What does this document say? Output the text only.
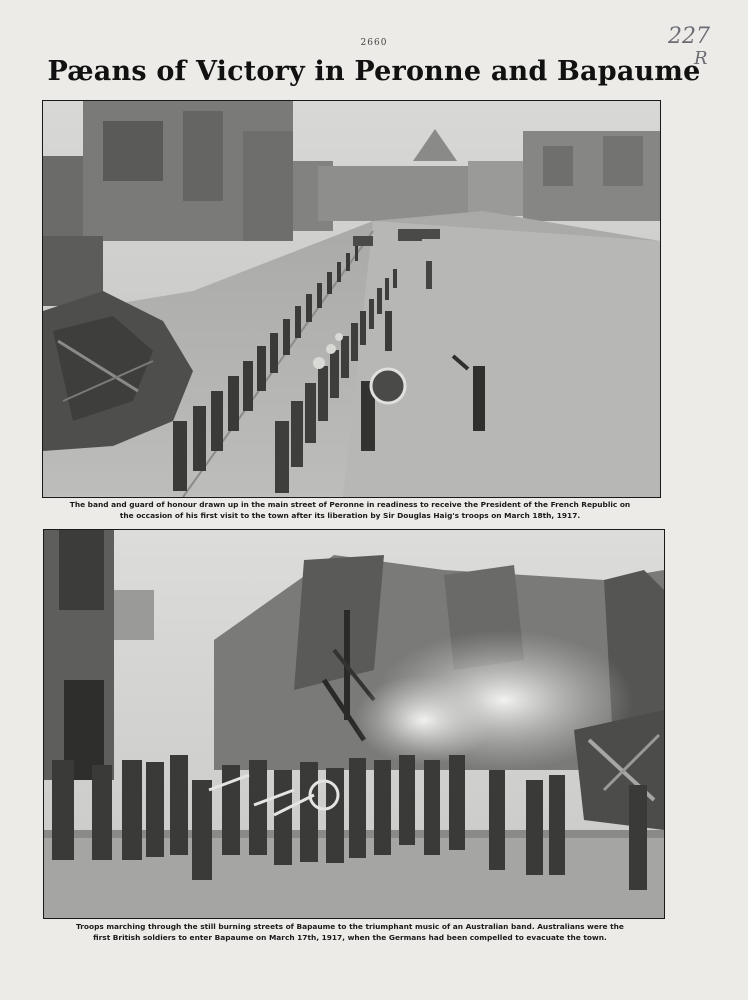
2660	227
R
Pæans of Victory in Peronne and Bapaume
The band and guard of honour drawn up in the main street of Peronne in readiness to receive the President of the French Republic on
the occasion of his first visit to the town after its liberation by Sir Douglas Haig's troops on March 18th, 1917.
Troops marching through the still burning streets of Bapaume to the triumphant music of an Australian band. Australians were the
first British soldiers to enter Bapaume on March 17th, 1917, when the Germans had been compelled to evacuate the town.
